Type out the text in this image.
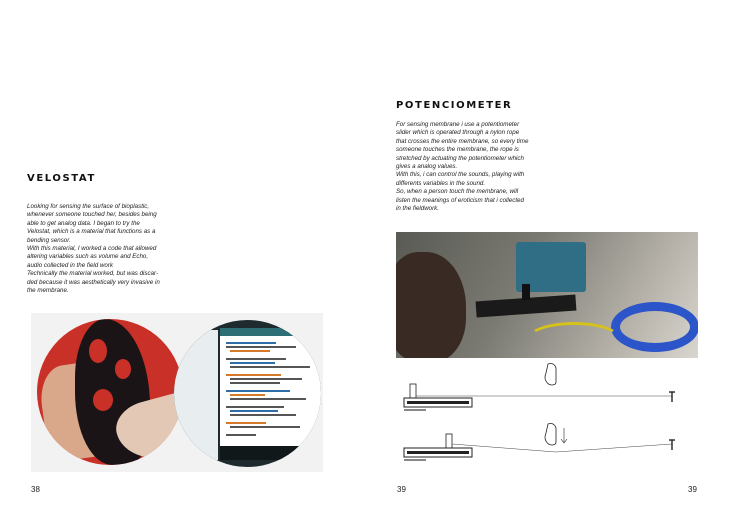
VELOSTAT

Looking for sensing the surface of bioplastic,

whenever someone touched her, besides being

able to get analog data. I began to try the

Velostat, which is a material that functions as a

bending sensor.

With this material, I worked a code that allowed

altering variables such as volume and Echo,

audio collected in the field work

Technically the material worked, but was discar-

ded because it was aesthetically very invasive in

the membrane.

38
POTENCIOMETER

For sensing membrane i use a potentiometer

slider which is operated through a nylon rope

that crosses the entire membrane, so every time

someone touches the membrane, the rope is

stretched by actuating the potentiometer which

gives a analog values.

With this, i can control the sounds, playing with

differents variables in the sound.

So, when a person touch the membrane, will

listen the meanings of eroticism that i collected

in the fieldwork.

39	39
